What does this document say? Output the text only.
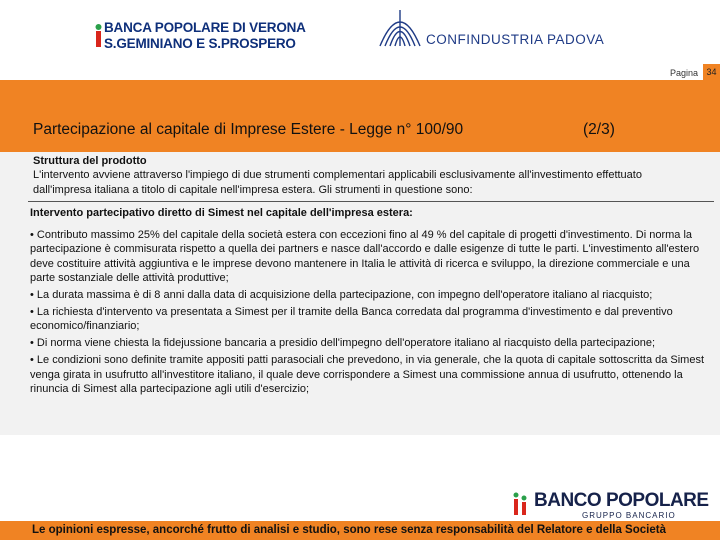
BANCA POPOLARE DI VERONA
S.GEMINIANO E S.PROSPERO	CONFINDUSTRIA PADOVA
Pagina 34
Partecipazione al capitale di Imprese Estere - Legge n° 100/90	(2/3)
Struttura del prodotto
L'intervento avviene attraverso l'impiego di due strumenti complementari applicabili esclusivamente all'investimento effettuato dall'impresa italiana a titolo di capitale nell'impresa estera. Gli strumenti in questione sono:
Intervento partecipativo diretto di Simest nel capitale dell'impresa estera:

• Contributo massimo 25% del capitale della società estera con eccezioni fino al 49 % del capitale di progetti d'investimento. Di norma la partecipazione è commisurata rispetto a quella dei partners e nasce dall'accordo e dalle esigenze di tutte le parti. L'investimento all'estero deve costituire attività aggiuntiva e le imprese devono mantenere in Italia le attività di ricerca e sviluppo, la direzione commerciale e una parte sostanziale delle attività produttive;

• La durata massima è di 8 anni dalla data di acquisizione della partecipazione, con impegno dell'operatore italiano al riacquisto;

• La richiesta d'intervento va presentata a Simest per il tramite della Banca corredata dal programma d'investimento e dal preventivo economico/finanziario;

• Di norma viene chiesta la fidejussione bancaria a presidio dell'impegno dell'operatore italiano al riacquisto della partecipazione;

• Le condizioni sono definite tramite appositi patti parasociali che prevedono, in via generale, che la quota di capitale sottoscritta da Simest venga girata in usufrutto all'investitore italiano, il quale deve corrispondere a Simest una commissione annua di usufrutto, ottenendo la rinuncia di Simest alla partecipazione agli utili d'esercizio;

BANCO POPOLARE
GRUPPO BANCARIO
Le opinioni espresse, ancorché frutto di analisi e studio, sono rese senza responsabilità del Relatore e della Società
